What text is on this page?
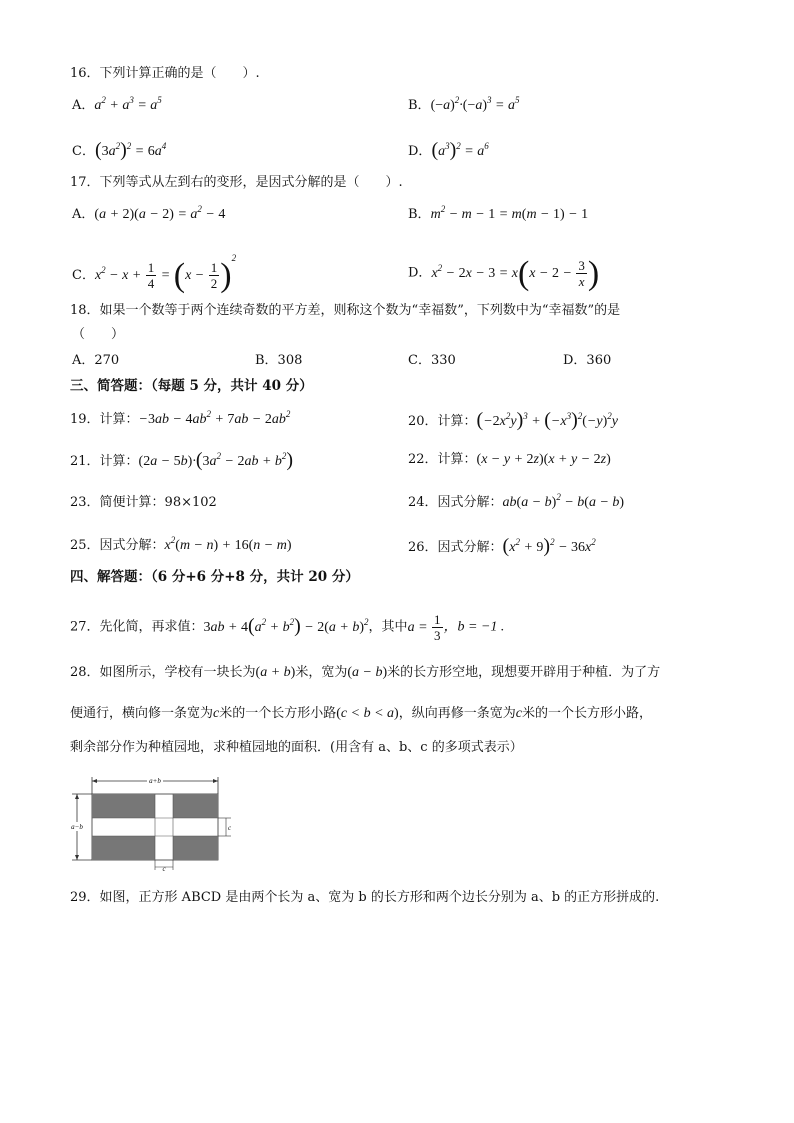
16．下列计算正确的是（　　）.
A．$a^2 + a^3 = a^5$	B．$(-a)^2\cdot(-a)^3 = a^5$
C．$(3a^2)^2 = 6a^4$	D．$(a^3)^2 = a^6$
17．下列等式从左到右的变形，是因式分解的是（　　）.
A．$(a + 2)(a - 2) = a^2 - 4$	B．$m^2 - m - 1 = m(m - 1) - 1$
C．$x^2 - x + \frac{1}{4} = (x - \frac{1}{2} )^2$
D．$x^2 - 2x - 3 = x(x - 2 - \frac{3}{x}$ )
18．如果一个数等于两个连续奇数的平方差，则称这个数为“幸福数”，下列数中为“幸福数”的是
（　　）
A．270	B．308	C．330	D．360
三、简答题：（每题 5 分，共计 40 分）
19．计算：$-3ab - 4ab^2 + 7ab - 2ab^2$	20．计算：$(-2x^2y)^3 + (-x^3)^2(-y)^2y$
21．计算：$(2a - 5b)\cdot(3a^2 - 2ab + b^2)$	22．计算：(x − y + 2z)(x + y − 2z)
23．简便计算：98×102	24．因式分解：$ab(a - b)^2 - b(a - b)$
25．因式分解：$x^2(m - n) + 16(n - m)$	26．因式分解：$(x^2 + 9)^2 - 36x^2$
四、解答题：（6 分+6 分+8 分，共计 20 分）
27．先化简，再求值：$3ab + 4(a^2 + b^2) - 2(a + b)^2$，其中$a = \frac{1}{3}$ ，b = −1 .
28．如图所示，学校有一块长为(a + b)米，宽为(a − b)米的长方形空地，现想要开辟用于种植．为了方
便通行，横向修一条宽为c米的一个长方形小路(c < b < a)，纵向再修一条宽为c米的一个长方形小路，
剩余部分作为种植园地，求种植园地的面积．(用含有 a、b、c 的多项式表示）
a+b
a−b	c
c
29．如图，正方形 ABCD 是由两个长为 a、宽为 b 的长方形和两个边长分别为 a、b 的正方形拼成的.
